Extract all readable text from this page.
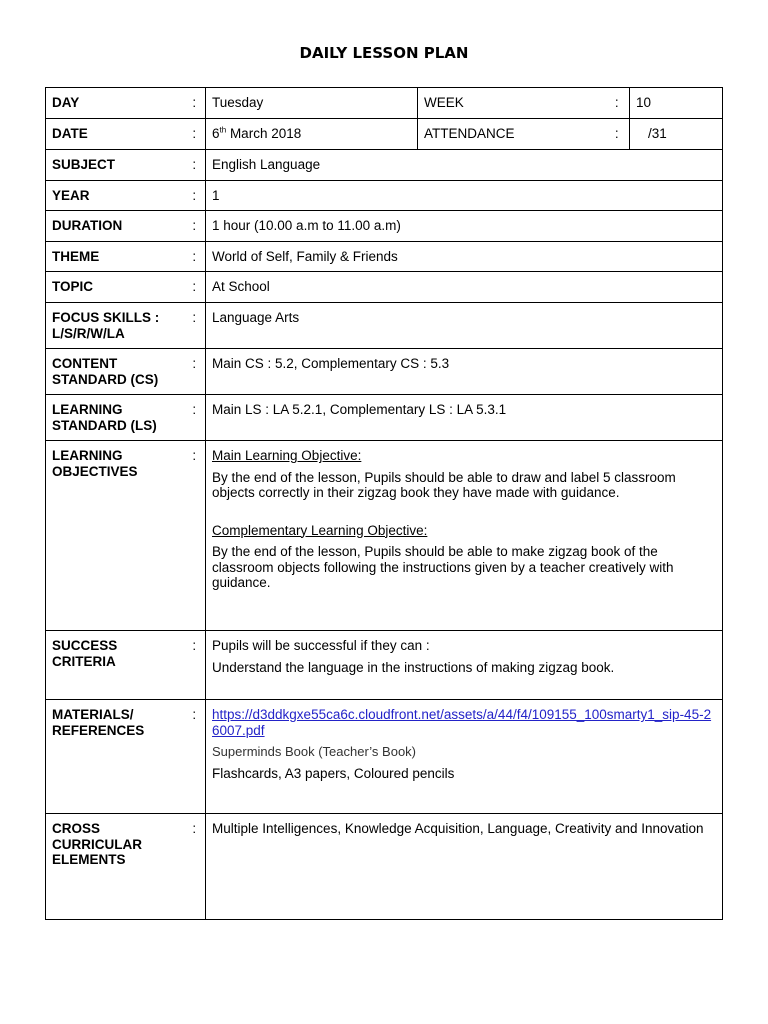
DAILY LESSON PLAN
DAY	:	Tuesday	WEEK	:	10
DATE	:	6th March 2018	ATTENDANCE	:	/31
SUBJECT	:	English Language			
YEAR	:	1			
DURATION	:	1 hour (10.00 a.m to 11.00 a.m)			
THEME	:	World of Self, Family & Friends			
TOPIC	:	At School			

FOCUS SKILLS :
L/S/R/W/LA	:	Language Arts			

CONTENT
STANDARD (CS)	:	Main CS : 5.2, Complementary CS : 5.3			

LEARNING
STANDARD (LS)	:	Main LS : LA 5.2.1, Complementary LS : LA 5.3.1			

LEARNING
OBJECTIVES	:	Main Learning Objective:
By the end of the lesson, Pupils should be able to draw and label 5 classroom objects correctly in their zigzag book they have made with guidance.
Complementary Learning Objective:
By the end of the lesson, Pupils should be able to make zigzag book of the classroom objects following the instructions given by a teacher creatively with guidance.			

SUCCESS
CRITERIA	:	Pupils will be successful if they can :
Understand the language in the instructions of making zigzag book.			

MATERIALS/
REFERENCES	:	https://d3ddkgxe55ca6c.cloudfront.net/assets/a/44/f4/109155_100smarty1_sip-45-26007.pdf
Superminds Book (Teacher’s Book)
Flashcards, A3 papers, Coloured pencils			

CROSS
CURRICULAR
ELEMENTS	:	Multiple Intelligences, Knowledge Acquisition, Language, Creativity and Innovation			
